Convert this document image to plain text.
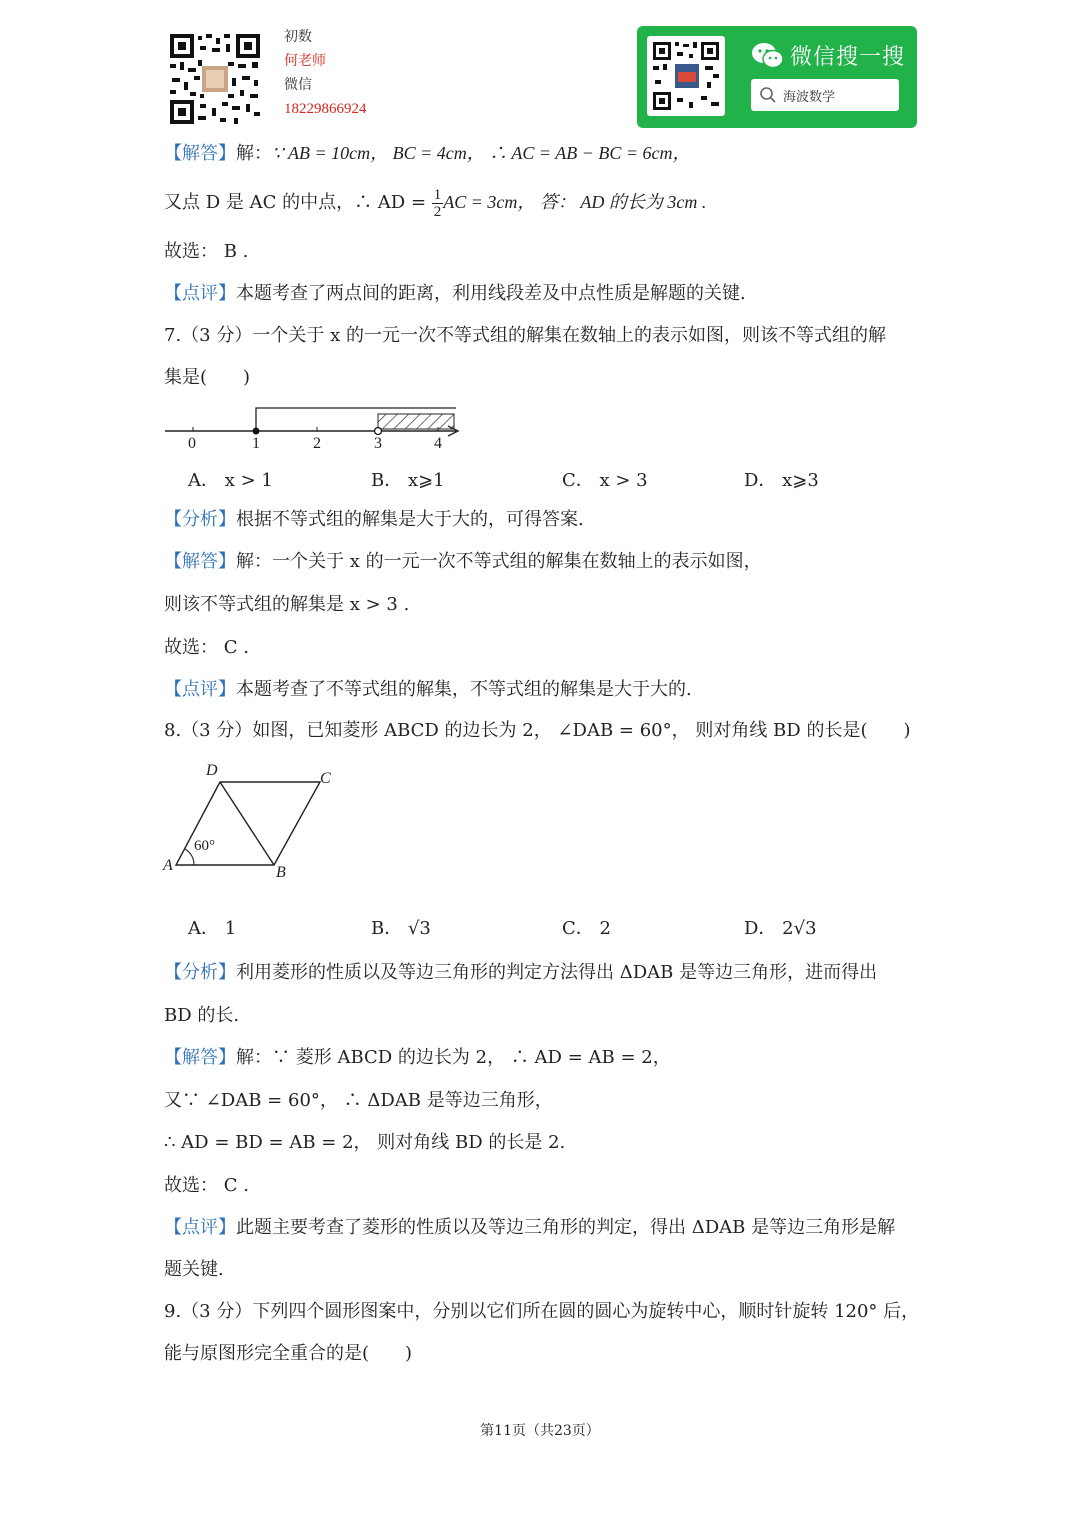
初数
何老师
微信
18229866924
微信搜一搜
海波数学
【解答】解：∵ AB = 10cm， BC = 4cm， ∴ AC = AB − BC = 6cm，
又点 D 是 AC 的中点，∴ AD = $\frac{1}{2}$ AC = 3cm， 答： AD 的长为 3cm .
故选： B .
【点评】本题考查了两点间的距离，利用线段差及中点性质是解题的关键.
7.（3 分）一个关于 x 的一元一次不等式组的解集在数轴上的表示如图，则该不等式组的解
集是(　　)
0	1	2	3	4
A． x > 1	B． x⩾1	C． x > 3	D． x⩾3
【分析】根据不等式组的解集是大于大的，可得答案.
【解答】解：一个关于 x 的一元一次不等式组的解集在数轴上的表示如图，
则该不等式组的解集是 x > 3 .
故选： C .
【点评】本题考查了不等式组的解集，不等式组的解集是大于大的.
8.（3 分）如图，已知菱形 ABCD 的边长为 2， ∠DAB = 60°， 则对角线 BD 的长是(　　)
D	C
A	B
60°
A． 1	B． √3	C． 2	D． 2√3
【分析】利用菱形的性质以及等边三角形的判定方法得出 ΔDAB 是等边三角形，进而得出
BD 的长.
【解答】解：∵ 菱形 ABCD 的边长为 2， ∴ AD = AB = 2，
又∵ ∠DAB = 60°， ∴ ΔDAB 是等边三角形，
∴ AD = BD = AB = 2， 则对角线 BD 的长是 2.
故选： C .
【点评】此题主要考查了菱形的性质以及等边三角形的判定，得出 ΔDAB 是等边三角形是解
题关键.
9.（3 分）下列四个圆形图案中，分别以它们所在圆的圆心为旋转中心，顺时针旋转 120° 后，
能与原图形完全重合的是(　　)
第11页（共23页）
